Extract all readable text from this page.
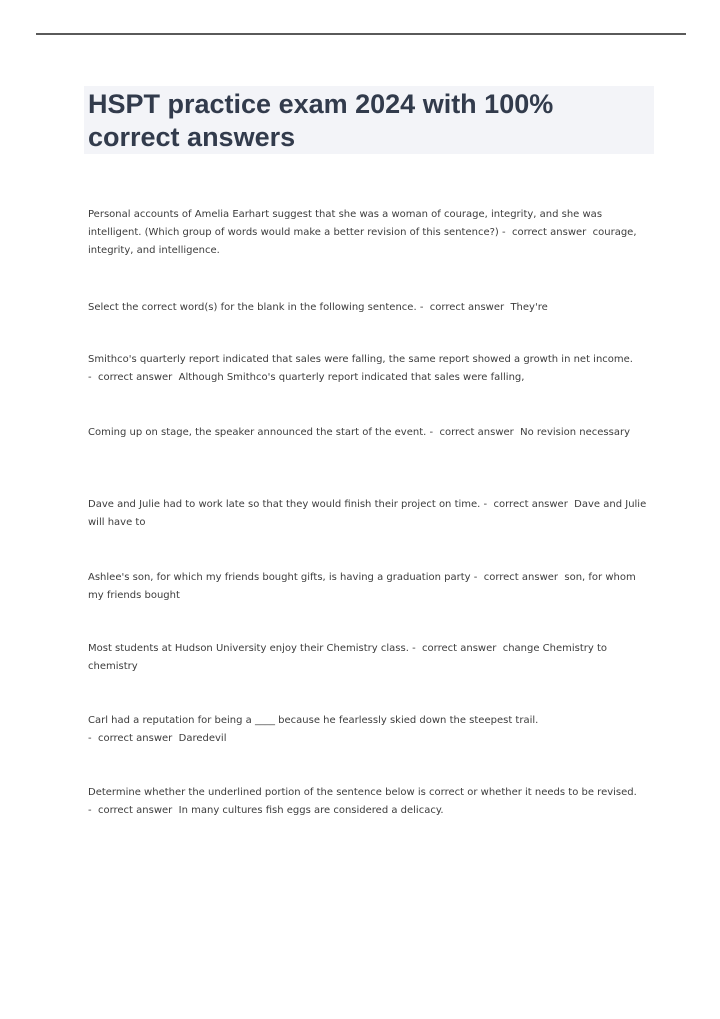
HSPT practice exam 2024 with 100% correct answers

Personal accounts of Amelia Earhart suggest that she was a woman of courage, integrity, and she was intelligent. (Which group of words would make a better revision of this sentence?) -  correct answer  courage, integrity, and intelligence.

Select the correct word(s) for the blank in the following sentence. -  correct answer  They're

Smithco's quarterly report indicated that sales were falling, the same report showed a growth in net income. -  correct answer  Although Smithco's quarterly report indicated that sales were falling,

Coming up on stage, the speaker announced the start of the event. -  correct answer  No revision necessary

Dave and Julie had to work late so that they would finish their project on time. -  correct answer  Dave and Julie will have to

Ashlee's son, for which my friends bought gifts, is having a graduation party -  correct answer  son, for whom my friends bought

Most students at Hudson University enjoy their Chemistry class. -  correct answer  change Chemistry to chemistry

Carl had a reputation for being a ____ because he fearlessly skied down the steepest trail. -  correct answer  Daredevil

Determine whether the underlined portion of the sentence below is correct or whether it needs to be revised. -  correct answer  In many cultures fish eggs are considered a delicacy.
